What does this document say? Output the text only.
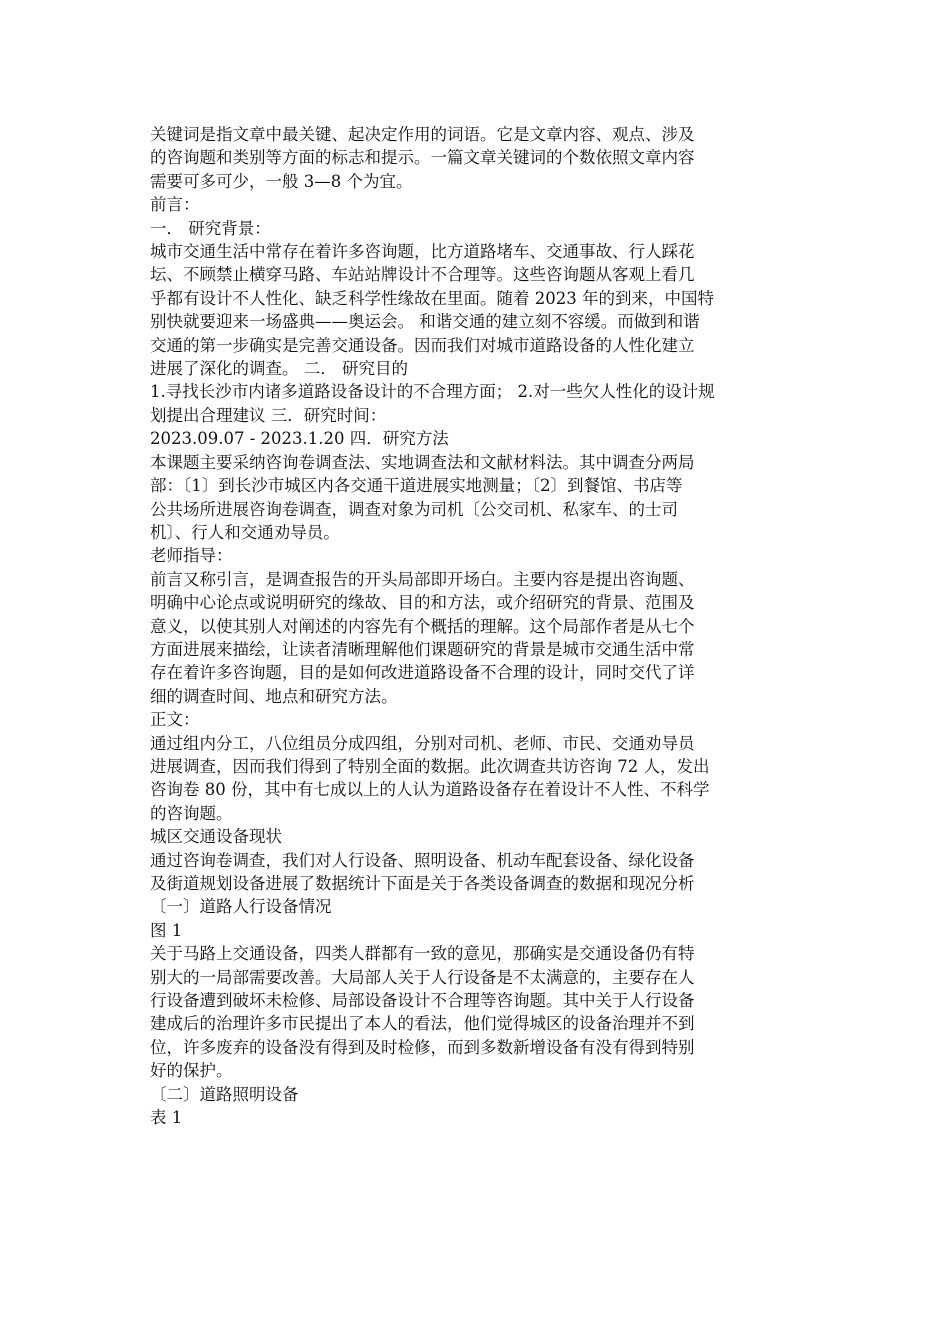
关键词是指文章中最关键、起决定作用的词语。它是文章内容、观点、涉及
的咨询题和类别等方面的标志和提示。一篇文章关键词的个数依照文章内容
需要可多可少，一般 3—8 个为宜。
前言：
一． 研究背景：
城市交通生活中常存在着许多咨询题，比方道路堵车、交通事故、行人踩花
坛、不顾禁止横穿马路、车站站牌设计不合理等。这些咨询题从客观上看几
乎都有设计不人性化、缺乏科学性缘故在里面。随着 2023 年的到来，中国特
别快就要迎来一场盛典——奥运会。 和谐交通的建立刻不容缓。而做到和谐
交通的第一步确实是完善交通设备。因而我们对城市道路设备的人性化建立
进展了深化的调查。 二． 研究目的
1.寻找长沙市内诸多道路设备设计的不合理方面； 2.对一些欠人性化的设计规
划提出合理建议 三．研究时间：
2023.09.07 - 2023.1.20 四．研究方法
本课题主要采纳咨询卷调查法、实地调查法和文献材料法。其中调查分两局
部：〔1〕到长沙市城区内各交通干道进展实地测量；〔2〕到餐馆、书店等
公共场所进展咨询卷调查，调查对象为司机〔公交司机、私家车、的士司
机〕、行人和交通劝导员。
老师指导：
前言又称引言，是调查报告的开头局部即开场白。主要内容是提出咨询题、
明确中心论点或说明研究的缘故、目的和方法，或介绍研究的背景、范围及
意义，以使其别人对阐述的内容先有个概括的理解。这个局部作者是从七个
方面进展来描绘，让读者清晰理解他们课题研究的背景是城市交通生活中常
存在着许多咨询题，目的是如何改进道路设备不合理的设计，同时交代了详
细的调查时间、地点和研究方法。
正文：
通过组内分工，八位组员分成四组，分别对司机、老师、市民、交通劝导员
进展调查，因而我们得到了特别全面的数据。此次调查共访咨询 72 人，发出
咨询卷 80 份，其中有七成以上的人认为道路设备存在着设计不人性、不科学
的咨询题。
城区交通设备现状
通过咨询卷调查，我们对人行设备、照明设备、机动车配套设备、绿化设备
及街道规划设备进展了数据统计下面是关于各类设备调查的数据和现况分析
〔一〕道路人行设备情况
图 1
关于马路上交通设备，四类人群都有一致的意见，那确实是交通设备仍有特
别大的一局部需要改善。大局部人关于人行设备是不太满意的，主要存在人
行设备遭到破坏未检修、局部设备设计不合理等咨询题。其中关于人行设备
建成后的治理许多市民提出了本人的看法，他们觉得城区的设备治理并不到
位，许多废弃的设备没有得到及时检修，而到多数新增设备有没有得到特别
好的保护。
〔二〕道路照明设备
表 1
